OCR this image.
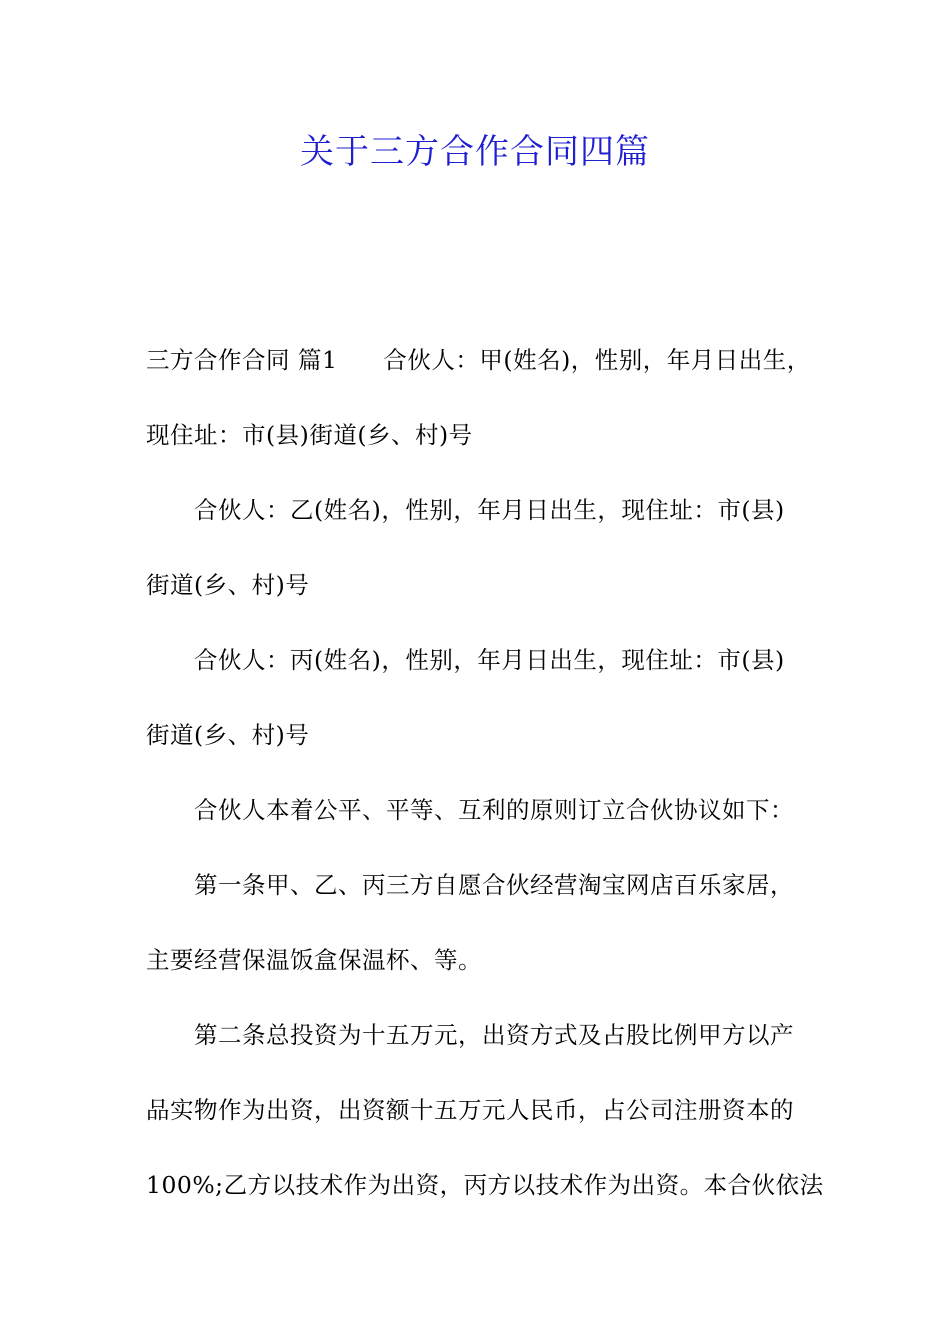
关于三方合作合同四篇
三方合作合同 篇1 合伙人：甲(姓名)，性别，年月日出生，
现住址：市(县)街道(乡、村)号
合伙人：乙(姓名)，性别，年月日出生，现住址：市(县)
街道(乡、村)号
合伙人：丙(姓名)，性别，年月日出生，现住址：市(县)
街道(乡、村)号
合伙人本着公平、平等、互利的原则订立合伙协议如下：
第一条甲、乙、丙三方自愿合伙经营淘宝网店百乐家居，
主要经营保温饭盒保温杯、等。
第二条总投资为十五万元，出资方式及占股比例甲方以产
品实物作为出资，出资额十五万元人民币，占公司注册资本的
100%;乙方以技术作为出资，丙方以技术作为出资。本合伙依法
